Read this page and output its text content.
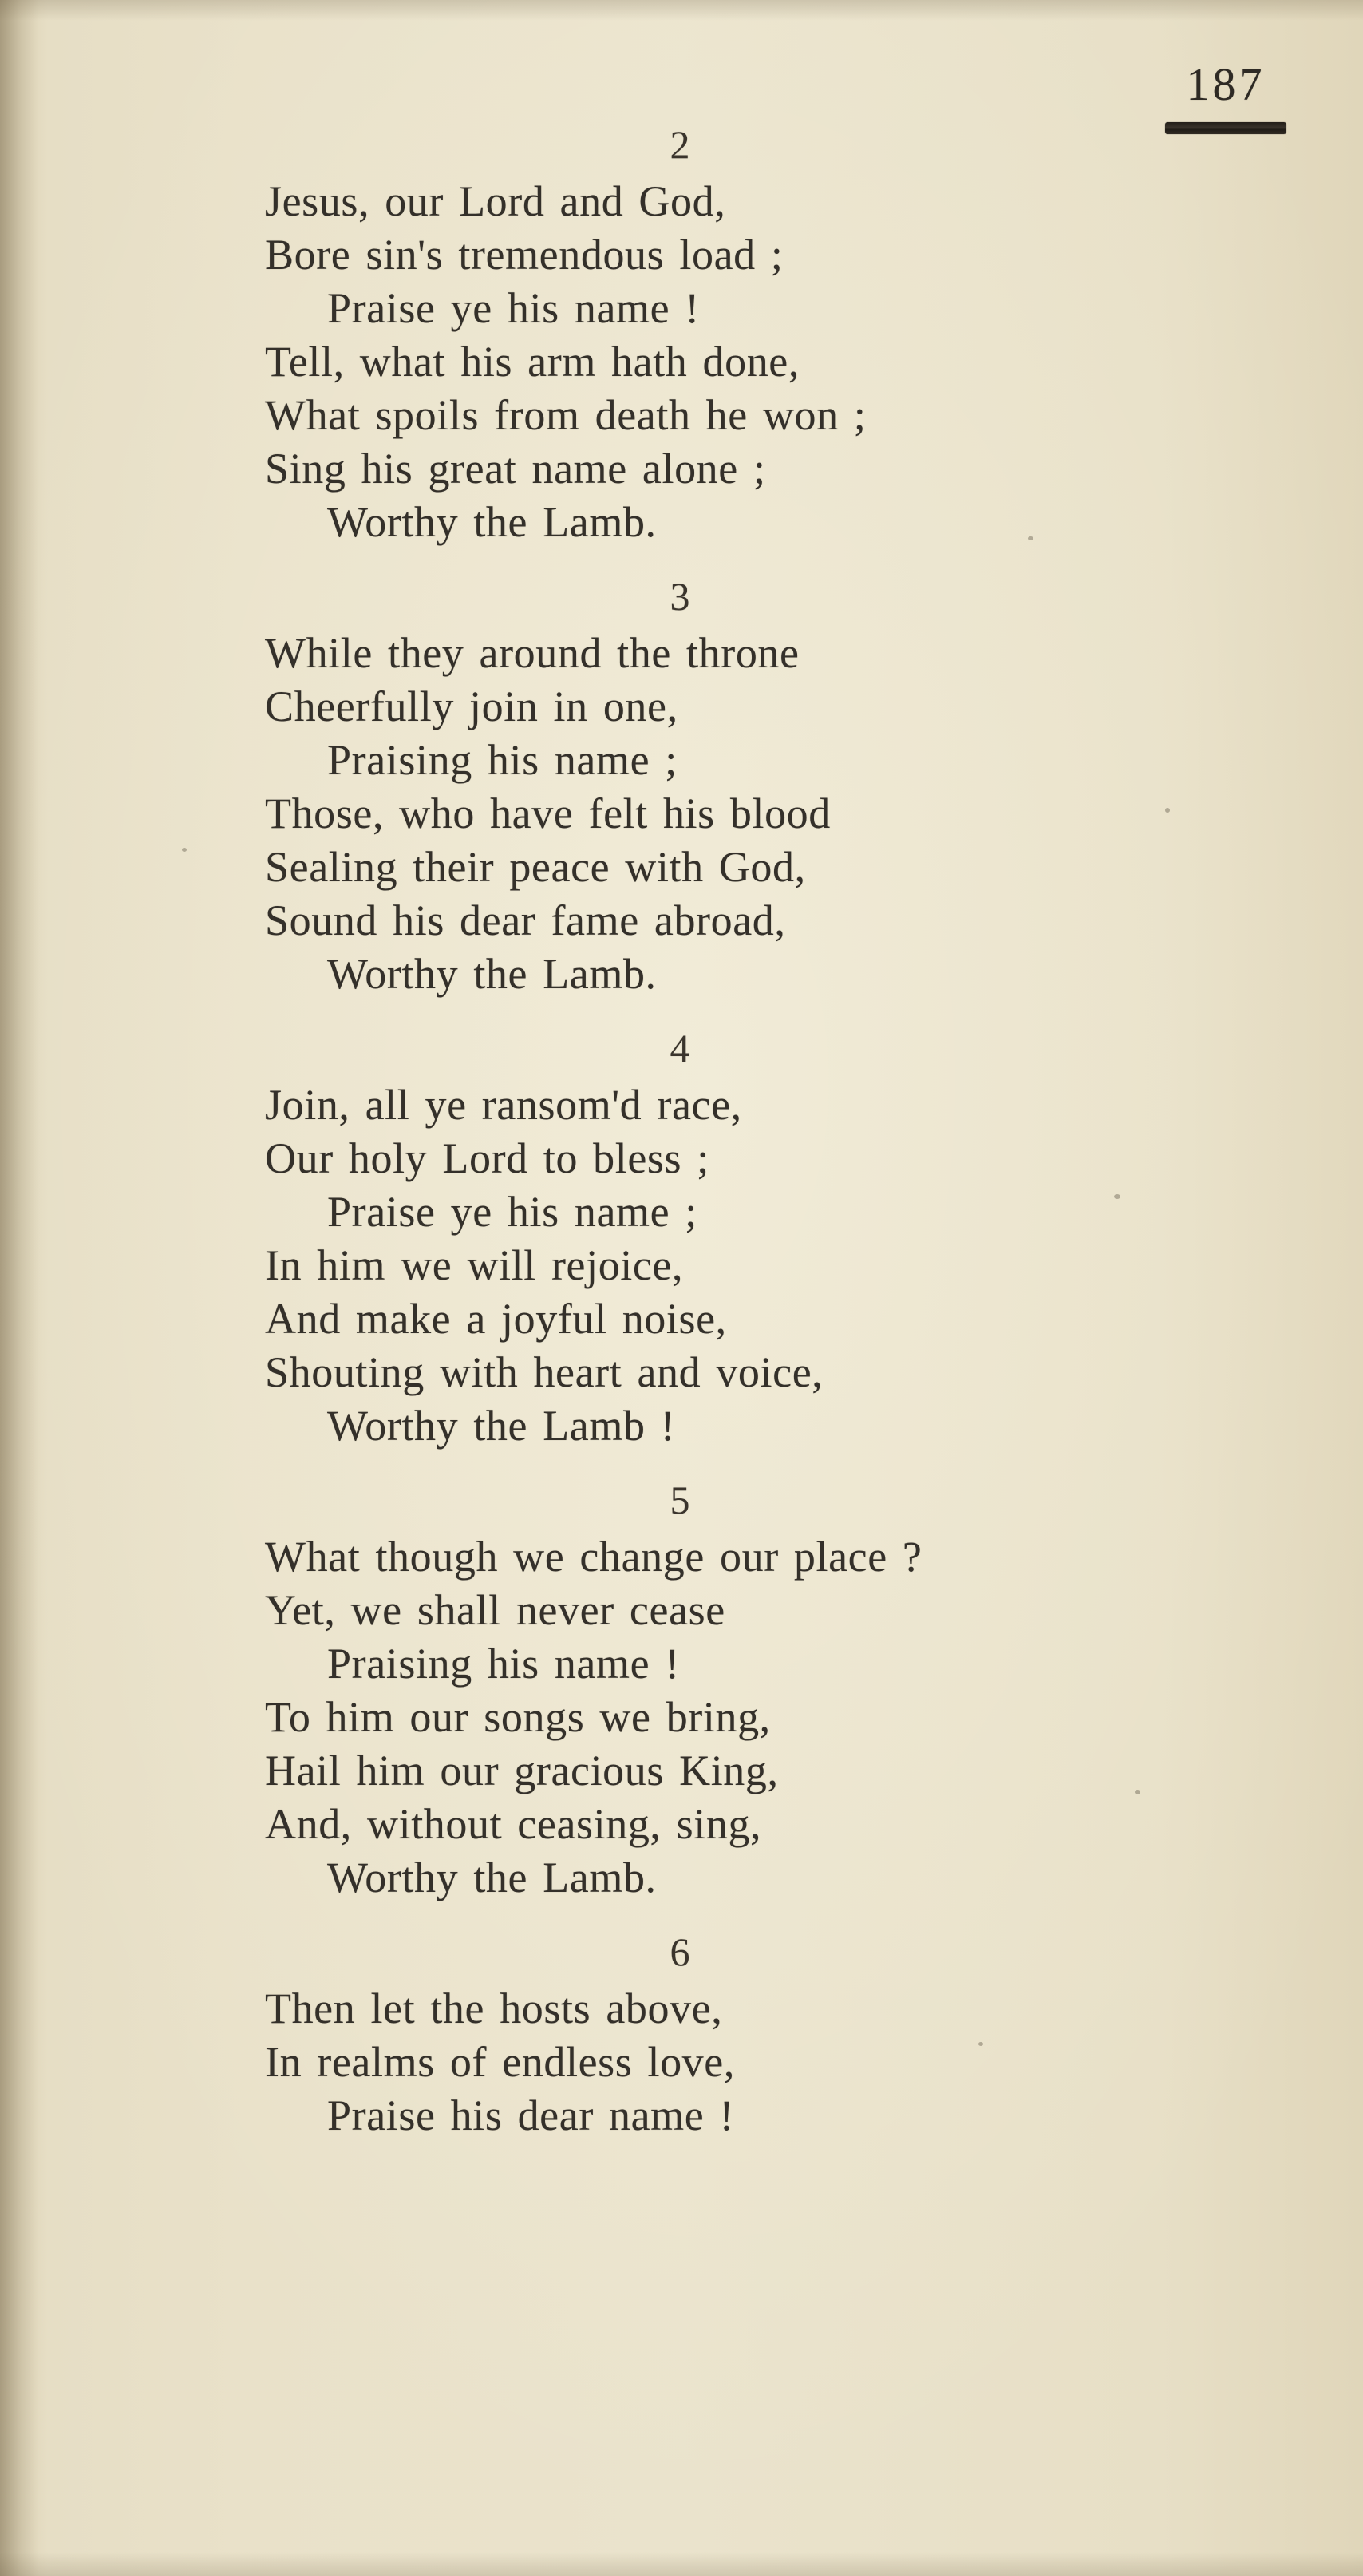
187
2

Jesus, our Lord and God,

Bore sin's tremendous load ;

Praise ye his name !

Tell, what his arm hath done,

What spoils from death he won ;

Sing his great name alone ;

Worthy the Lamb.

3

While they around the throne

Cheerfully join in one,

Praising his name ;

Those, who have felt his blood

Sealing their peace with God,

Sound his dear fame abroad,

Worthy the Lamb.

4

Join, all ye ransom'd race,

Our holy Lord to bless ;

Praise ye his name ;

In him we will rejoice,

And make a joyful noise,

Shouting with heart and voice,

Worthy the Lamb !

5

What though we change our place ?

Yet, we shall never cease

Praising his name !

To him our songs we bring,

Hail him our gracious King,

And, without ceasing, sing,

Worthy the Lamb.

6

Then let the hosts above,

In realms of endless love,

Praise his dear name !
